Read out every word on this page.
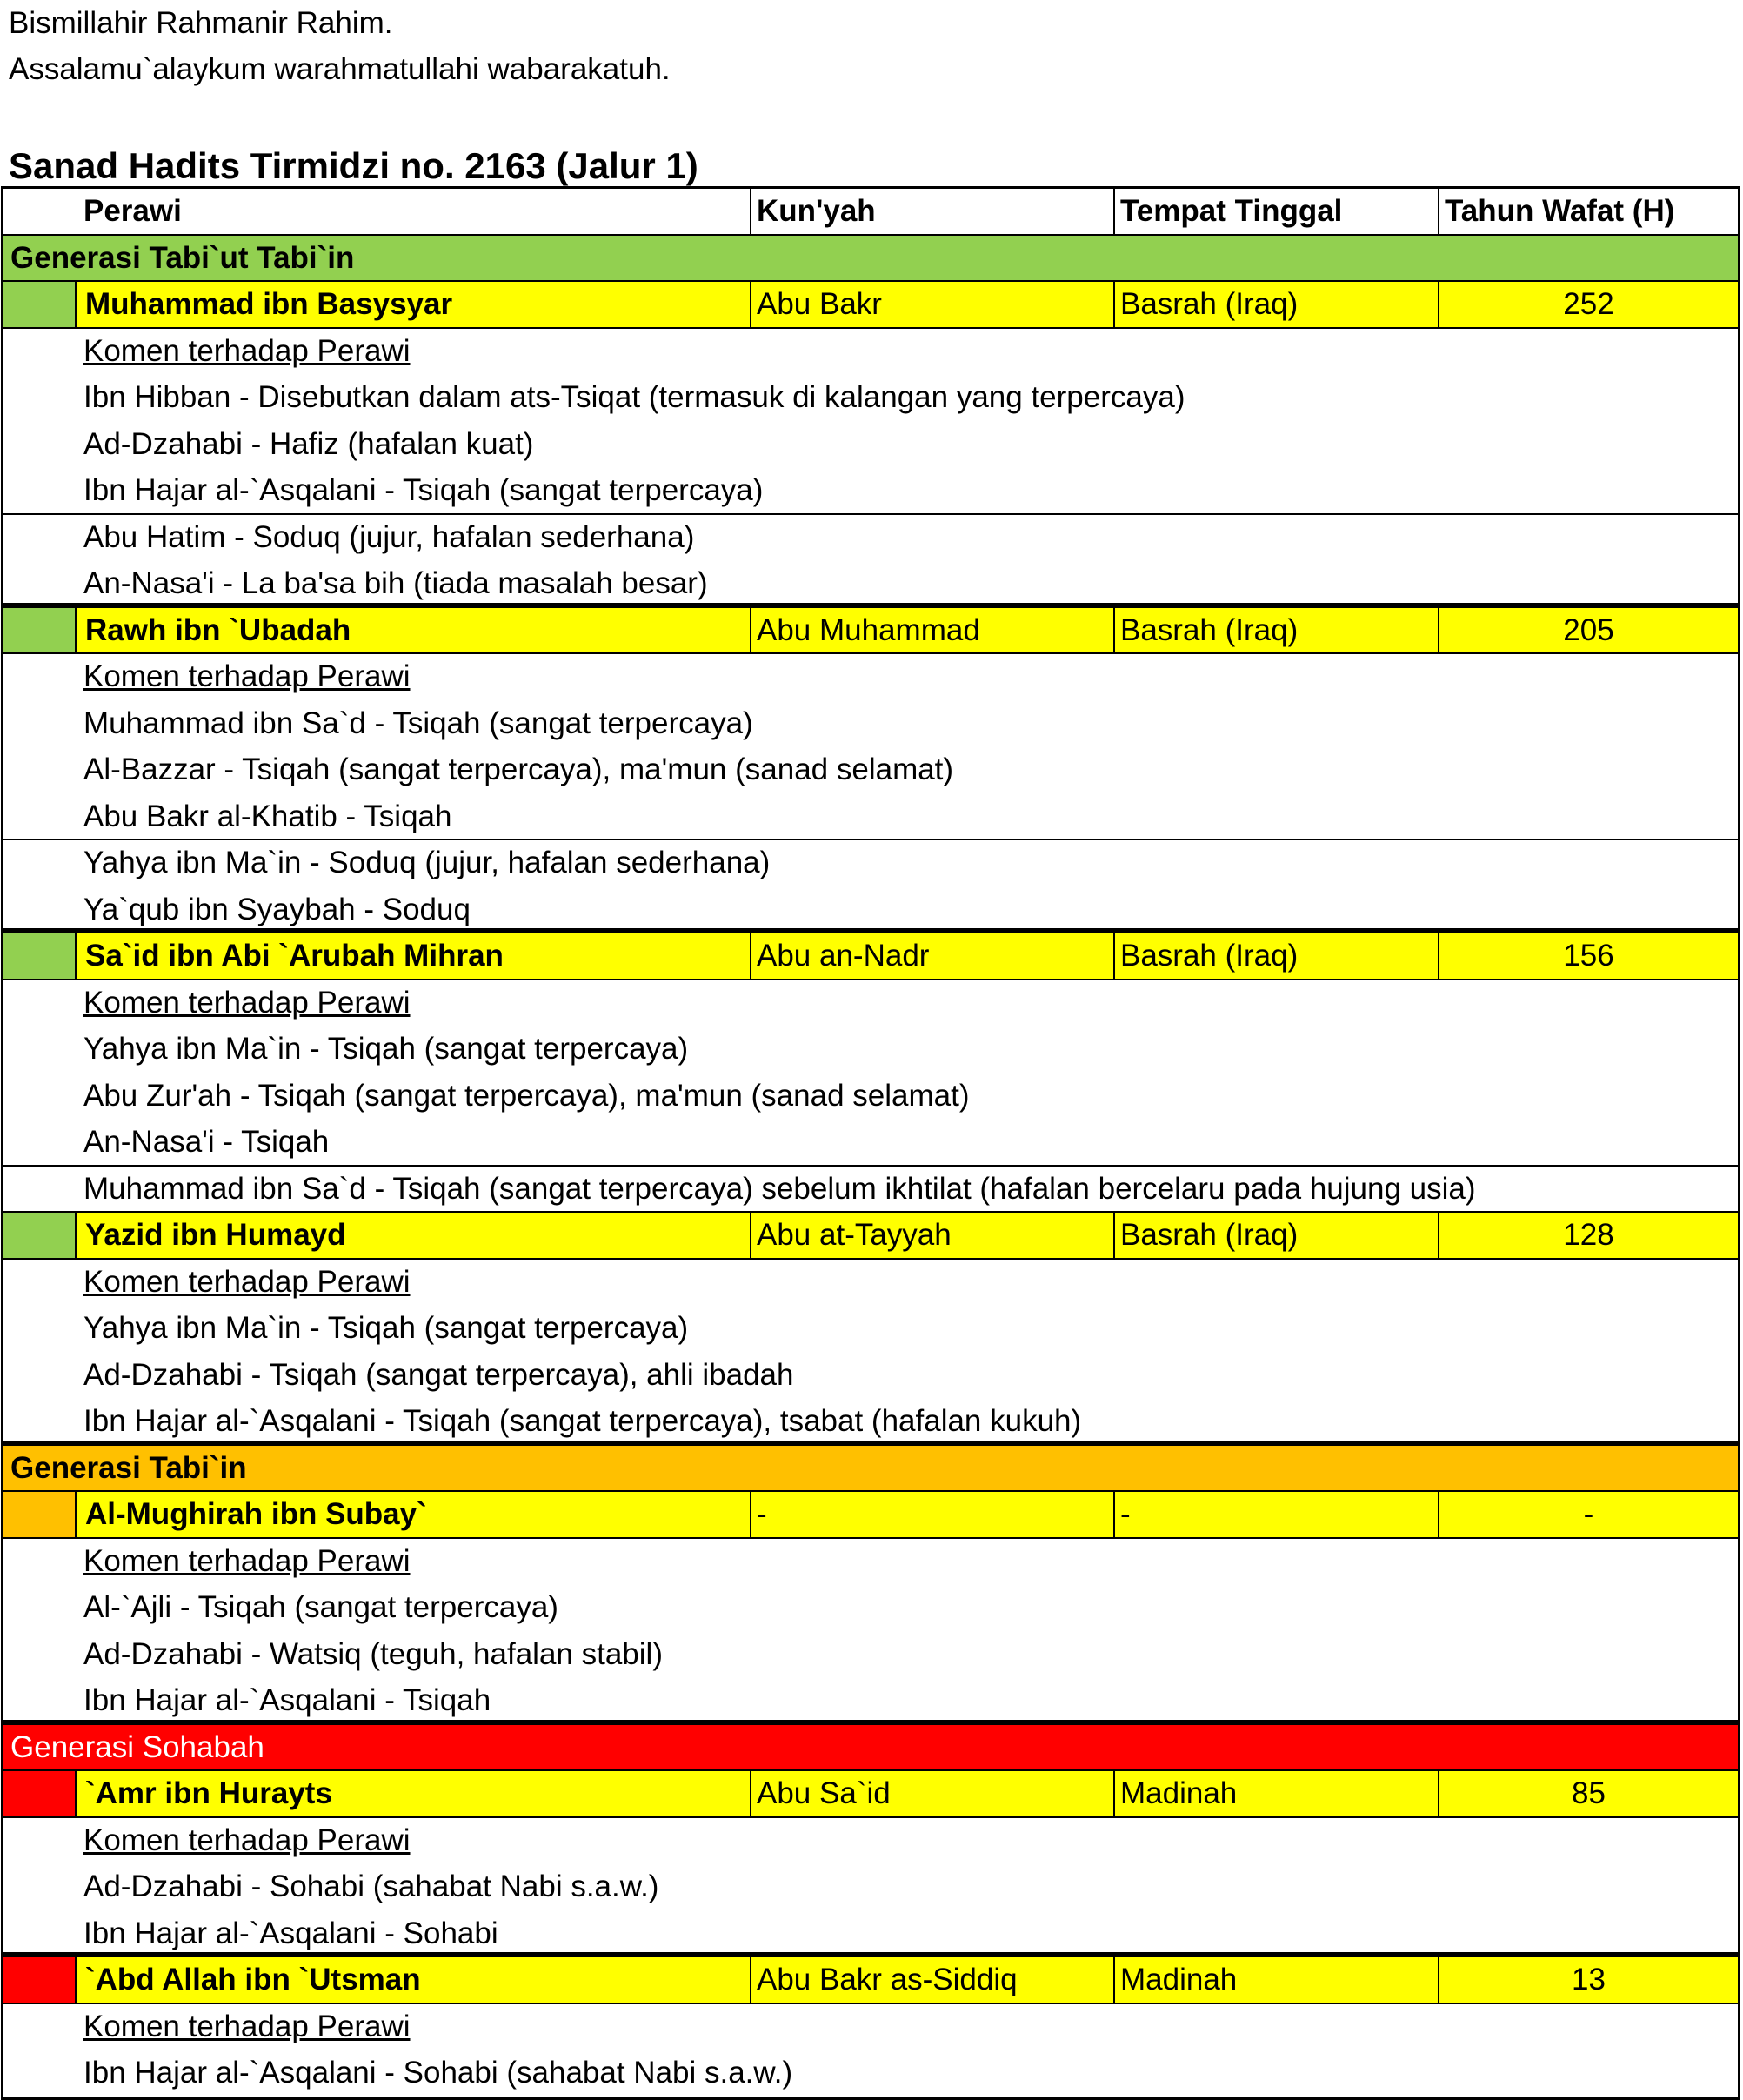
Bismillahir Rahmanir Rahim.
Assalamu`alaykum warahmatullahi wabarakatuh.
Sanad Hadits Tirmidzi no. 2163 (Jalur 1)
Perawi	Kun'yah	Tempat Tinggal	Tahun Wafat (H)
Generasi Tabi`ut Tabi`in
Muhammad ibn Basysyar	Abu Bakr	Basrah (Iraq)	252
Komen terhadap Perawi
Ibn Hibban - Disebutkan dalam ats-Tsiqat (termasuk di kalangan yang terpercaya)
Ad-Dzahabi - Hafiz (hafalan kuat)
Ibn Hajar al-`Asqalani - Tsiqah (sangat terpercaya)
Abu Hatim - Soduq (jujur, hafalan sederhana)
An-Nasa'i - La ba'sa bih (tiada masalah besar)
Rawh ibn `Ubadah	Abu Muhammad	Basrah (Iraq)	205
Komen terhadap Perawi
Muhammad ibn Sa`d - Tsiqah (sangat terpercaya)
Al-Bazzar - Tsiqah (sangat terpercaya), ma'mun (sanad selamat)
Abu Bakr al-Khatib - Tsiqah
Yahya ibn Ma`in - Soduq (jujur, hafalan sederhana)
Ya`qub ibn Syaybah - Soduq
Sa`id ibn Abi `Arubah Mihran	Abu an-Nadr	Basrah (Iraq)	156
Komen terhadap Perawi
Yahya ibn Ma`in - Tsiqah (sangat terpercaya)
Abu Zur'ah - Tsiqah (sangat terpercaya), ma'mun (sanad selamat)
An-Nasa'i - Tsiqah
Muhammad ibn Sa`d - Tsiqah (sangat terpercaya) sebelum ikhtilat (hafalan bercelaru pada hujung usia)
Yazid ibn Humayd	Abu at-Tayyah	Basrah (Iraq)	128
Komen terhadap Perawi
Yahya ibn Ma`in - Tsiqah (sangat terpercaya)
Ad-Dzahabi - Tsiqah (sangat terpercaya), ahli ibadah
Ibn Hajar al-`Asqalani - Tsiqah (sangat terpercaya), tsabat (hafalan kukuh)
Generasi Tabi`in
Al-Mughirah ibn Subay`	-	-	-
Komen terhadap Perawi
Al-`Ajli - Tsiqah (sangat terpercaya)
Ad-Dzahabi - Watsiq (teguh, hafalan stabil)
Ibn Hajar al-`Asqalani - Tsiqah
Generasi Sohabah
`Amr ibn Hurayts	Abu Sa`id	Madinah	85
Komen terhadap Perawi
Ad-Dzahabi - Sohabi (sahabat Nabi s.a.w.)
Ibn Hajar al-`Asqalani - Sohabi
`Abd Allah ibn `Utsman	Abu Bakr as-Siddiq	Madinah	13
Komen terhadap Perawi
Ibn Hajar al-`Asqalani - Sohabi (sahabat Nabi s.a.w.)
